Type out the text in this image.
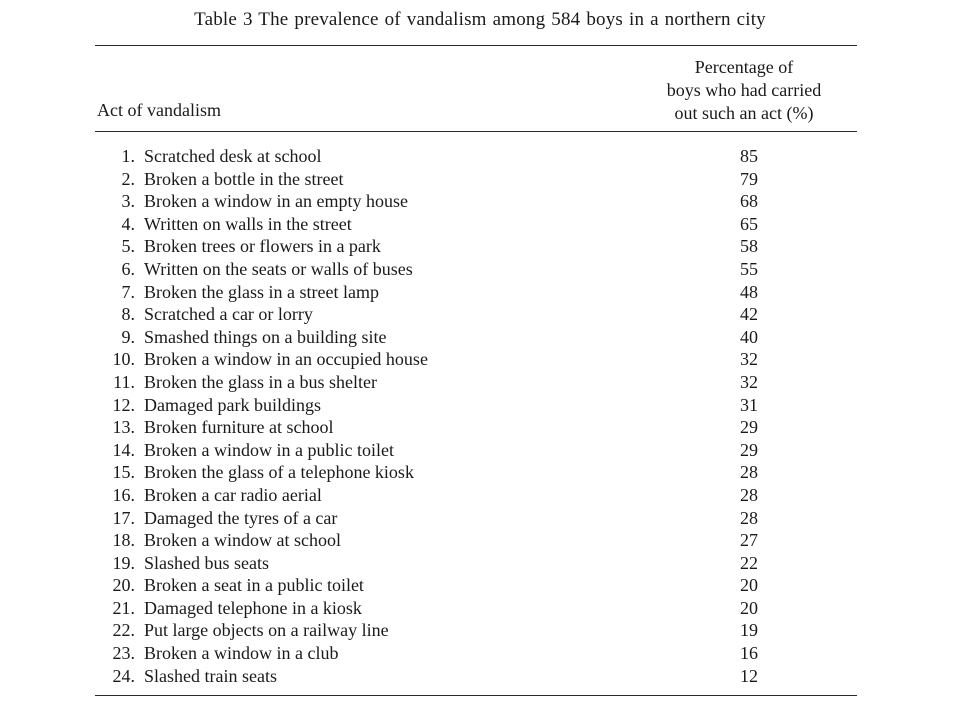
Table 3 The prevalence of vandalism among 584 boys in a northern city
Act of vandalism
Percentage of
boys who had carried
out such an act (%)
1. Scratched desk at school	85
2. Broken a bottle in the street	79
3. Broken a window in an empty house	68
4. Written on walls in the street	65
5. Broken trees or flowers in a park	58
6. Written on the seats or walls of buses	55
7. Broken the glass in a street lamp	48
8. Scratched a car or lorry	42
9. Smashed things on a building site	40
10. Broken a window in an occupied house	32
11. Broken the glass in a bus shelter	32
12. Damaged park buildings	31
13. Broken furniture at school	29
14. Broken a window in a public toilet	29
15. Broken the glass of a telephone kiosk	28
16. Broken a car radio aerial	28
17. Damaged the tyres of a car	28
18. Broken a window at school	27
19. Slashed bus seats	22
20. Broken a seat in a public toilet	20
21. Damaged telephone in a kiosk	20
22. Put large objects on a railway line	19
23. Broken a window in a club	16
24. Slashed train seats	12
